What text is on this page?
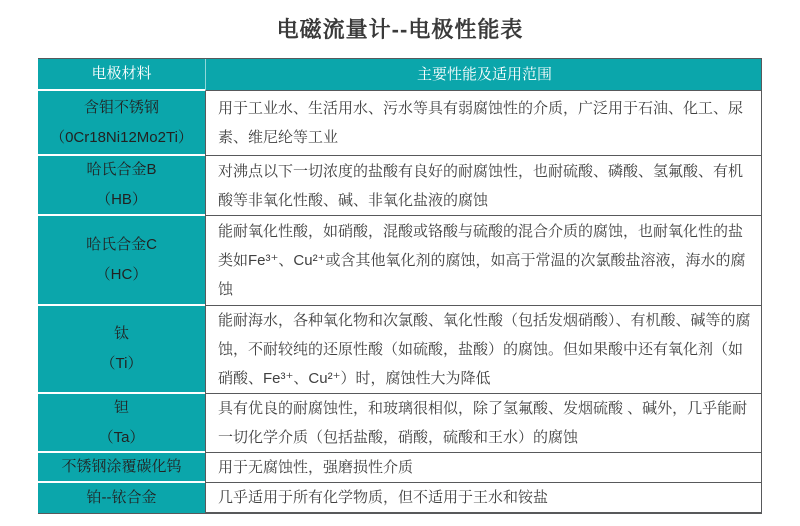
电磁流量计--电极性能表
电极材料	主要性能及适用范围
含钼不锈钢
（0Cr18Ni12Mo2Ti）
用于工业水、生活用水、污水等具有弱腐蚀性的介质，广泛用于石油、化工、尿素、维尼纶等工业
哈氏合金B
（HB）
对沸点以下一切浓度的盐酸有良好的耐腐蚀性，也耐硫酸、磷酸、氢氟酸、有机酸等非氧化性酸、碱、非氧化盐液的腐蚀
哈氏合金C
（HC）
能耐氧化性酸，如硝酸，混酸或铬酸与硫酸的混合介质的腐蚀，也耐氧化性的盐类如Fe³⁺、Cu²⁺或含其他氧化剂的腐蚀，如高于常温的次氯酸盐溶液，海水的腐蚀
钛
（Ti）
能耐海水，各种氧化物和次氯酸、氧化性酸（包括发烟硝酸）、有机酸、碱等的腐蚀，不耐较纯的还原性酸（如硫酸，盐酸）的腐蚀。但如果酸中还有氧化剂（如硝酸、Fe³⁺、Cu²⁺）时，腐蚀性大为降低
钽
（Ta）
具有优良的耐腐蚀性，和玻璃很相似，除了氢氟酸、发烟硫酸 、碱外，几乎能耐一切化学介质（包括盐酸，硝酸，硫酸和王水）的腐蚀
不锈钢涂覆碳化钨 用于无腐蚀性，强磨损性介质
铂--铱合金	几乎适用于所有化学物质，但不适用于王水和铵盐
